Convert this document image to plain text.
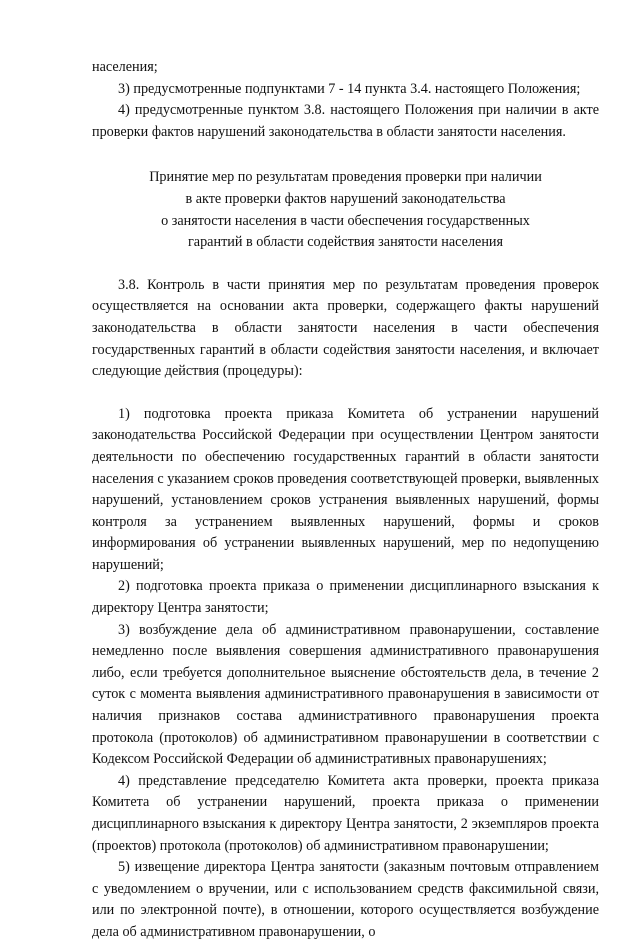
населения;

3) предусмотренные подпунктами 7 - 14 пункта 3.4. настоящего Положения;

4) предусмотренные пунктом 3.8. настоящего Положения при наличии в акте проверки фактов нарушений законодательства в области занятости населения.

Принятие мер по результатам проведения проверки при наличии
в акте проверки фактов нарушений законодательства
о занятости населения в части обеспечения государственных
гарантий в области содействия занятости населения

3.8. Контроль в части принятия мер по результатам проведения проверок осуществляется на основании акта проверки, содержащего факты нарушений законодательства в области занятости населения в части обеспечения государственных гарантий в области содействия занятости населения, и включает следующие действия (процедуры):

1) подготовка проекта приказа Комитета об устранении нарушений законодательства Российской Федерации при осуществлении Центром занятости деятельности по обеспечению государственных гарантий в области занятости населения с указанием сроков проведения соответствующей проверки, выявленных нарушений, установлением сроков устранения выявленных нарушений, формы контроля за устранением выявленных нарушений, формы и сроков информирования об устранении выявленных нарушений, мер по недопущению нарушений;

2) подготовка проекта приказа о применении дисциплинарного взыскания к директору Центра занятости;

3) возбуждение дела об административном правонарушении, составление немедленно после выявления совершения административного правонарушения либо, если требуется дополнительное выяснение обстоятельств дела, в течение 2 суток с момента выявления административного правонарушения в зависимости от наличия признаков состава административного правонарушения проекта протокола (протоколов) об административном правонарушении в соответствии с Кодексом Российской Федерации об административных правонарушениях;

4) представление председателю Комитета акта проверки, проекта приказа Комитета об устранении нарушений, проекта приказа о применении дисциплинарного взыскания к директору Центра занятости, 2 экземпляров проекта (проектов) протокола (протоколов) об административном правонарушении;

5) извещение директора Центра занятости (заказным почтовым отправлением с уведомлением о вручении, или с использованием средств факсимильной связи, или по электронной почте), в отношении, которого осуществляется возбуждение дела об административном правонарушении, о
